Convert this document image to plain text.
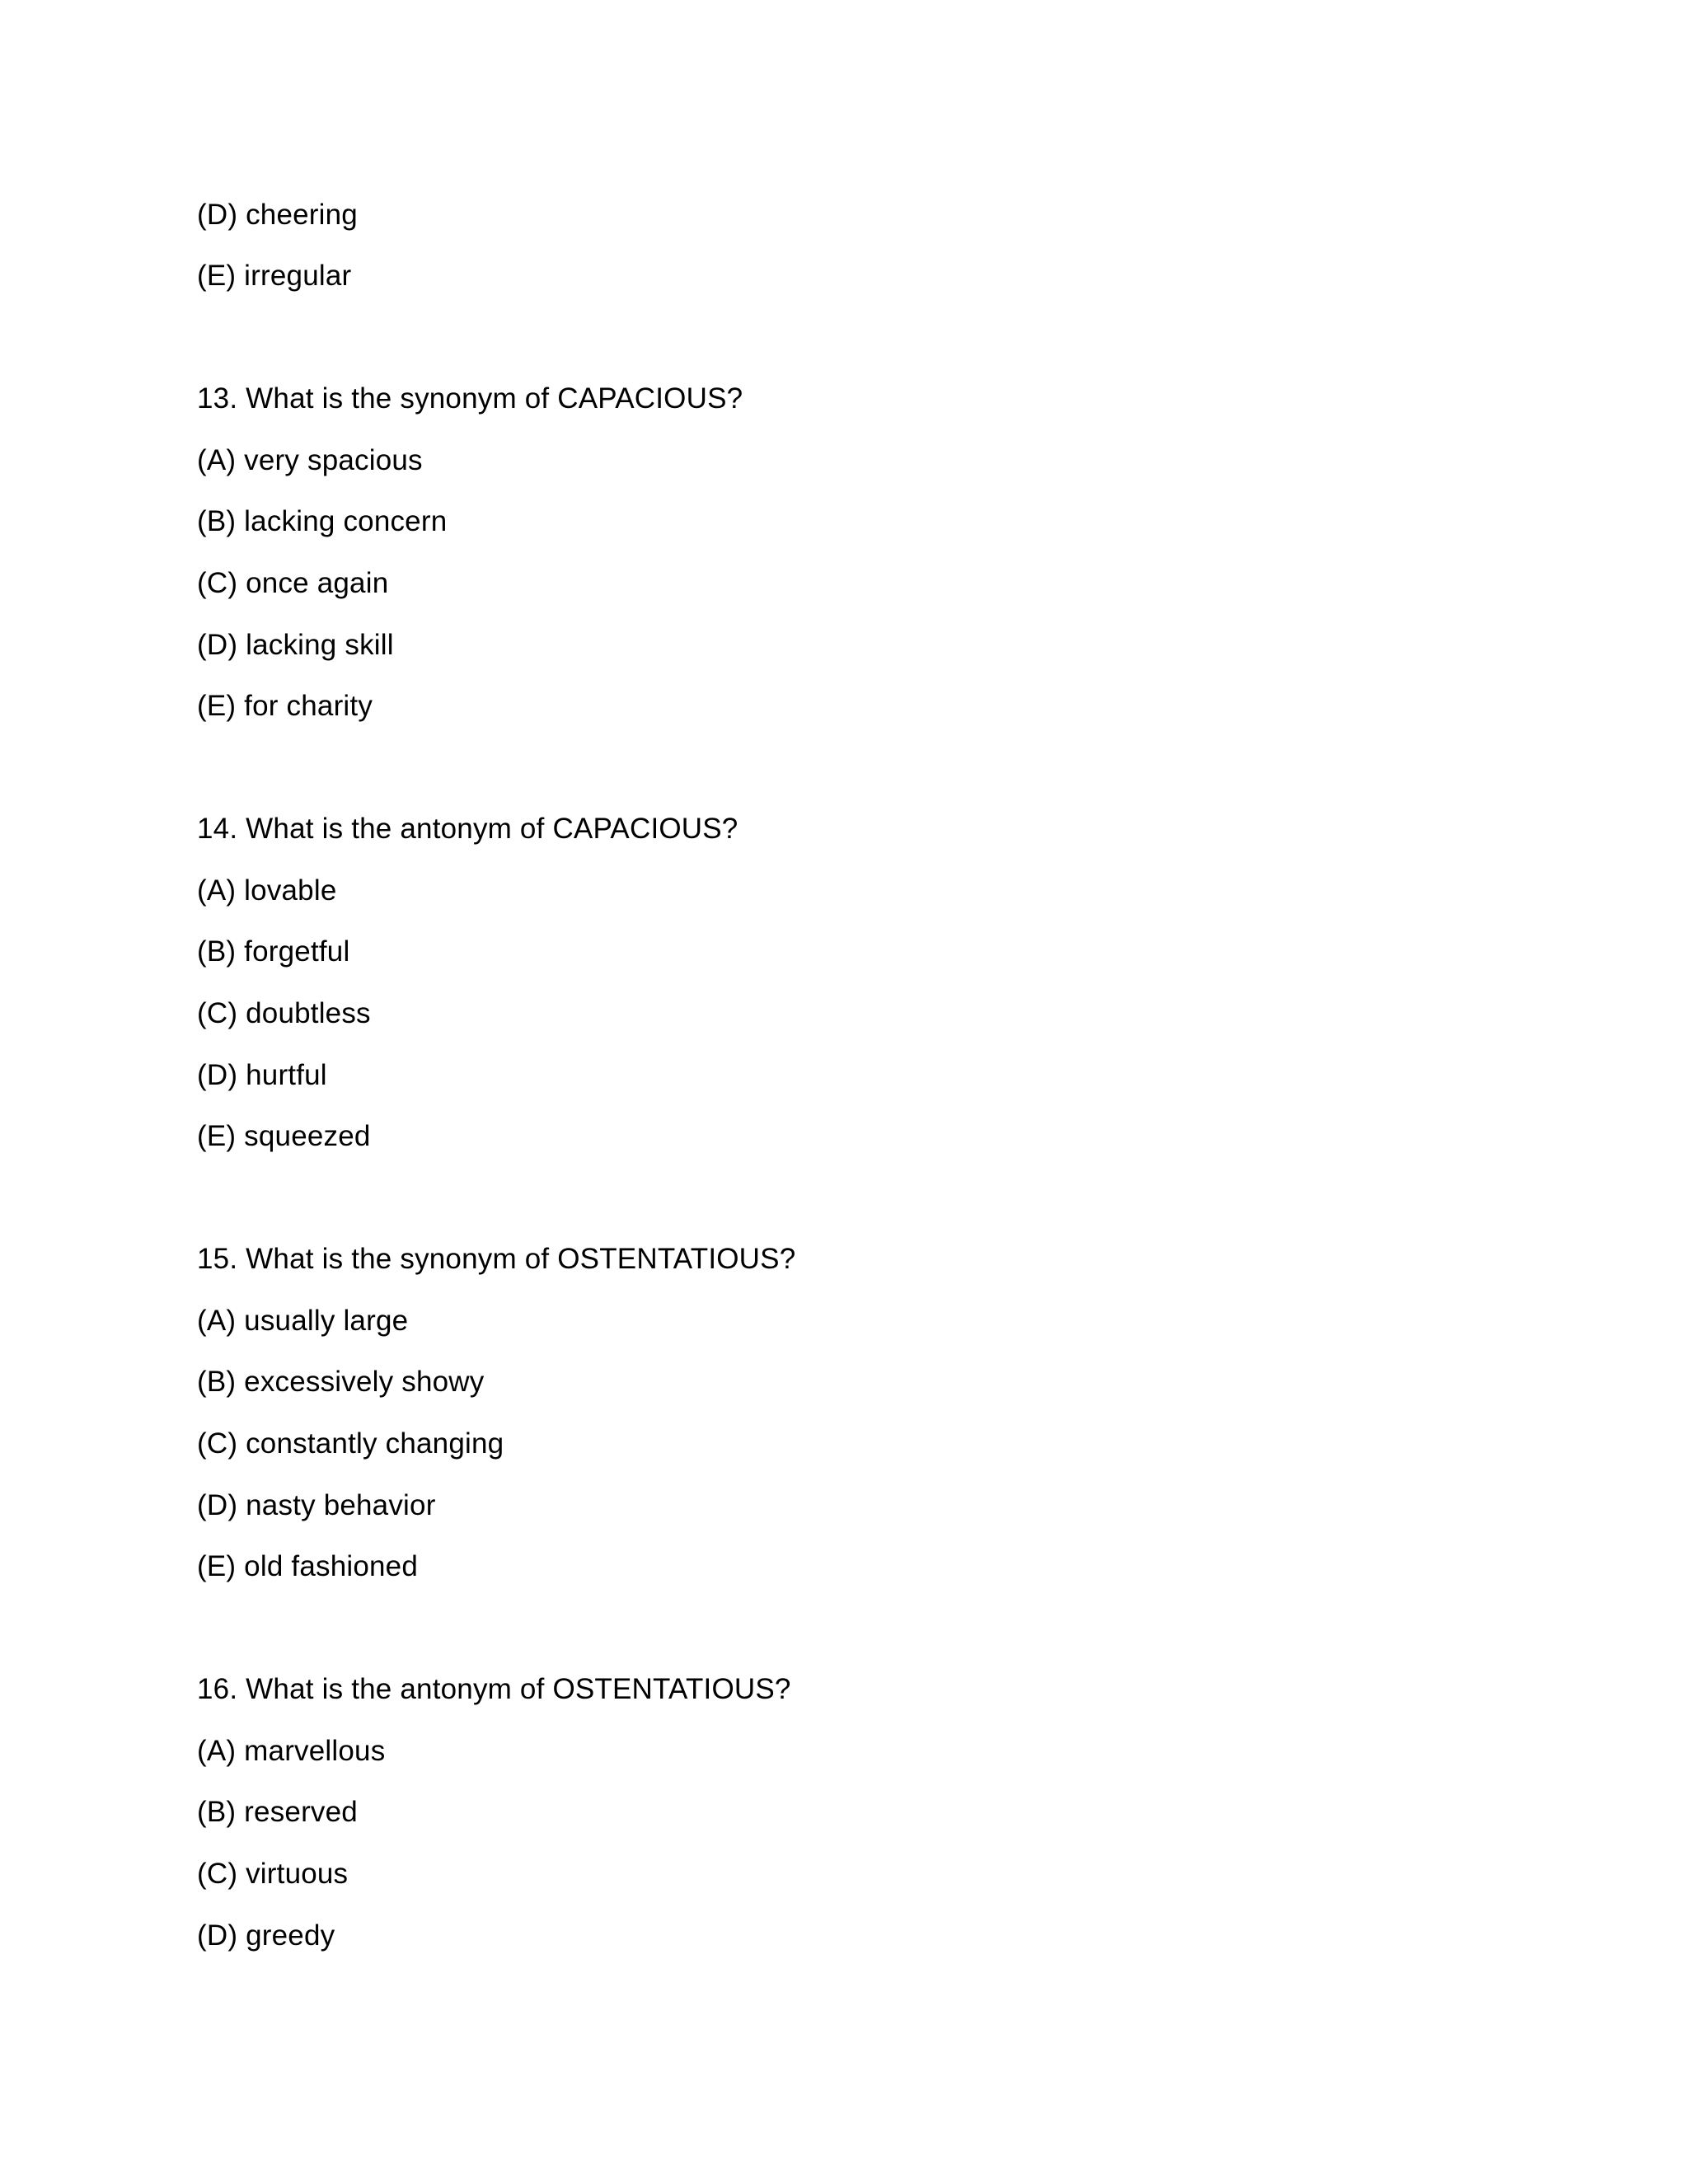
(D) cheering
(E) irregular
13. What is the synonym of CAPACIOUS?
(A) very spacious
(B) lacking concern
(C) once again
(D) lacking skill
(E) for charity
14. What is the antonym of CAPACIOUS?
(A) lovable
(B) forgetful
(C) doubtless
(D) hurtful
(E) squeezed
15. What is the synonym of OSTENTATIOUS?
(A) usually large
(B) excessively showy
(C) constantly changing
(D) nasty behavior
(E) old fashioned
16. What is the antonym of OSTENTATIOUS?
(A) marvellous
(B) reserved
(C) virtuous
(D) greedy
